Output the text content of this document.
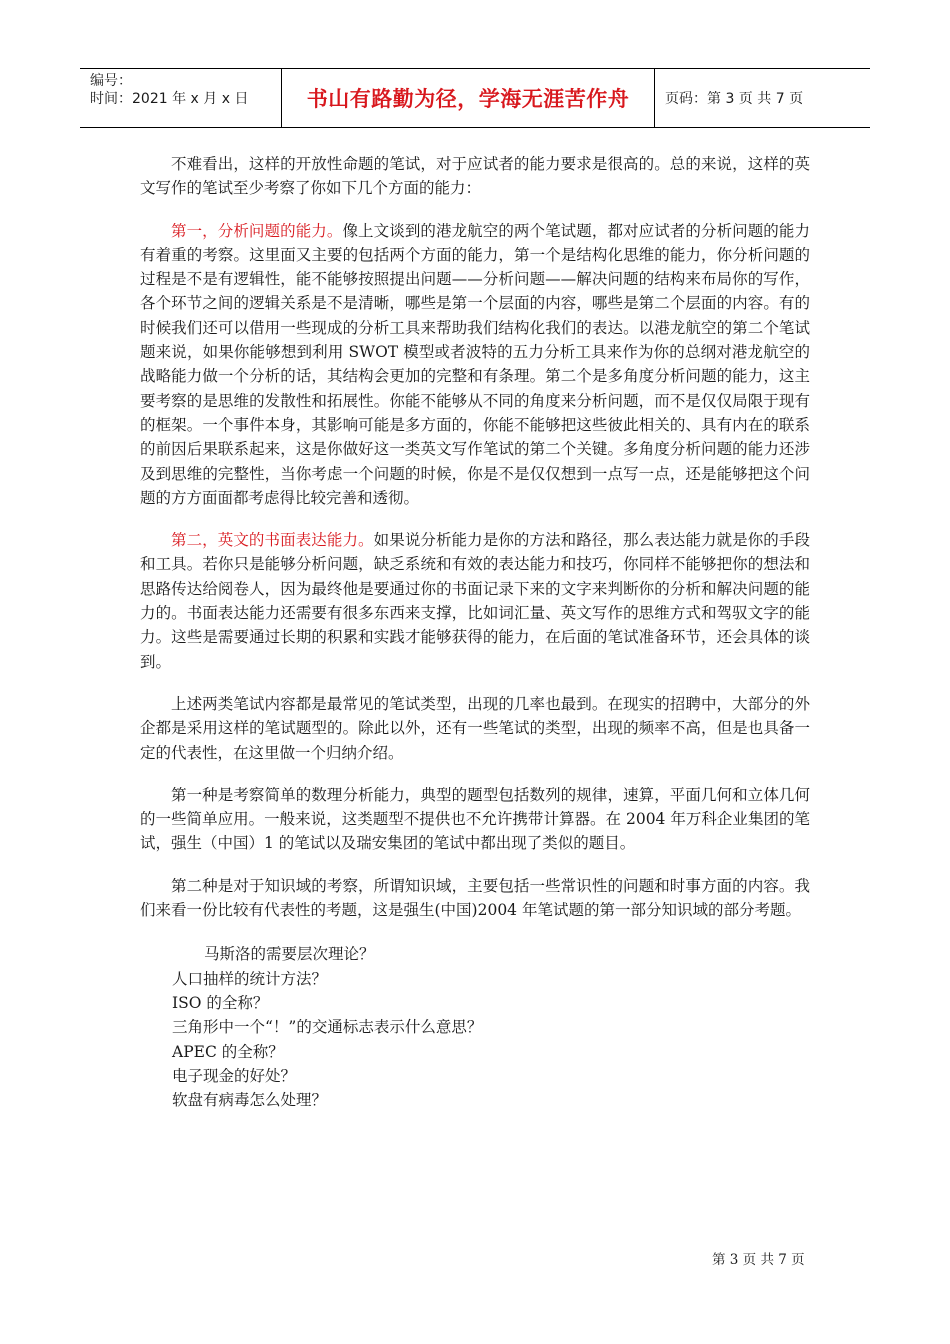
编号：
时间：2021 年 x 月 x 日	书山有路勤为径，学海无涯苦作舟	页码：第 3 页 共 7 页

不难看出，这样的开放性命题的笔试，对于应试者的能力要求是很高的。总的来说，这样的英文写作的笔试至少考察了你如下几个方面的能力：

第一，分析问题的能力。像上文谈到的港龙航空的两个笔试题，都对应试者的分析问题的能力有着重的考察。这里面又主要的包括两个方面的能力，第一个是结构化思维的能力，你分析问题的过程是不是有逻辑性，能不能够按照提出问题——分析问题——解决问题的结构来布局你的写作，各个环节之间的逻辑关系是不是清晰，哪些是第一个层面的内容，哪些是第二个层面的内容。有的时候我们还可以借用一些现成的分析工具来帮助我们结构化我们的表达。以港龙航空的第二个笔试题来说，如果你能够想到利用 SWOT 模型或者波特的五力分析工具来作为你的总纲对港龙航空的战略能力做一个分析的话，其结构会更加的完整和有条理。第二个是多角度分析问题的能力，这主要考察的是思维的发散性和拓展性。你能不能够从不同的角度来分析问题，而不是仅仅局限于现有的框架。一个事件本身，其影响可能是多方面的，你能不能够把这些彼此相关的、具有内在的联系的前因后果联系起来，这是你做好这一类英文写作笔试的第二个关键。多角度分析问题的能力还涉及到思维的完整性，当你考虑一个问题的时候，你是不是仅仅想到一点写一点，还是能够把这个问题的方方面面都考虑得比较完善和透彻。

第二，英文的书面表达能力。如果说分析能力是你的方法和路径，那么表达能力就是你的手段和工具。若你只是能够分析问题，缺乏系统和有效的表达能力和技巧，你同样不能够把你的想法和思路传达给阅卷人，因为最终他是要通过你的书面记录下来的文字来判断你的分析和解决问题的能力的。书面表达能力还需要有很多东西来支撑，比如词汇量、英文写作的思维方式和驾驭文字的能力。这些是需要通过长期的积累和实践才能够获得的能力，在后面的笔试准备环节，还会具体的谈到。

上述两类笔试内容都是最常见的笔试类型，出现的几率也最到。在现实的招聘中，大部分的外企都是采用这样的笔试题型的。除此以外，还有一些笔试的类型，出现的频率不高，但是也具备一定的代表性，在这里做一个归纳介绍。

第一种是考察简单的数理分析能力，典型的题型包括数列的规律，速算，平面几何和立体几何的一些简单应用。一般来说，这类题型不提供也不允许携带计算器。在 2004 年万科企业集团的笔试，强生（中国）1 的笔试以及瑞安集团的笔试中都出现了类似的题目。

第二种是对于知识域的考察，所谓知识域，主要包括一些常识性的问题和时事方面的内容。我们来看一份比较有代表性的考题，这是强生(中国)2004 年笔试题的第一部分知识域的部分考题。

马斯洛的需要层次理论？
人口抽样的统计方法？
ISO 的全称？
三角形中一个“！”的交通标志表示什么意思？
APEC 的全称？
电子现金的好处？
软盘有病毒怎么处理？
第 3 页 共 7 页
